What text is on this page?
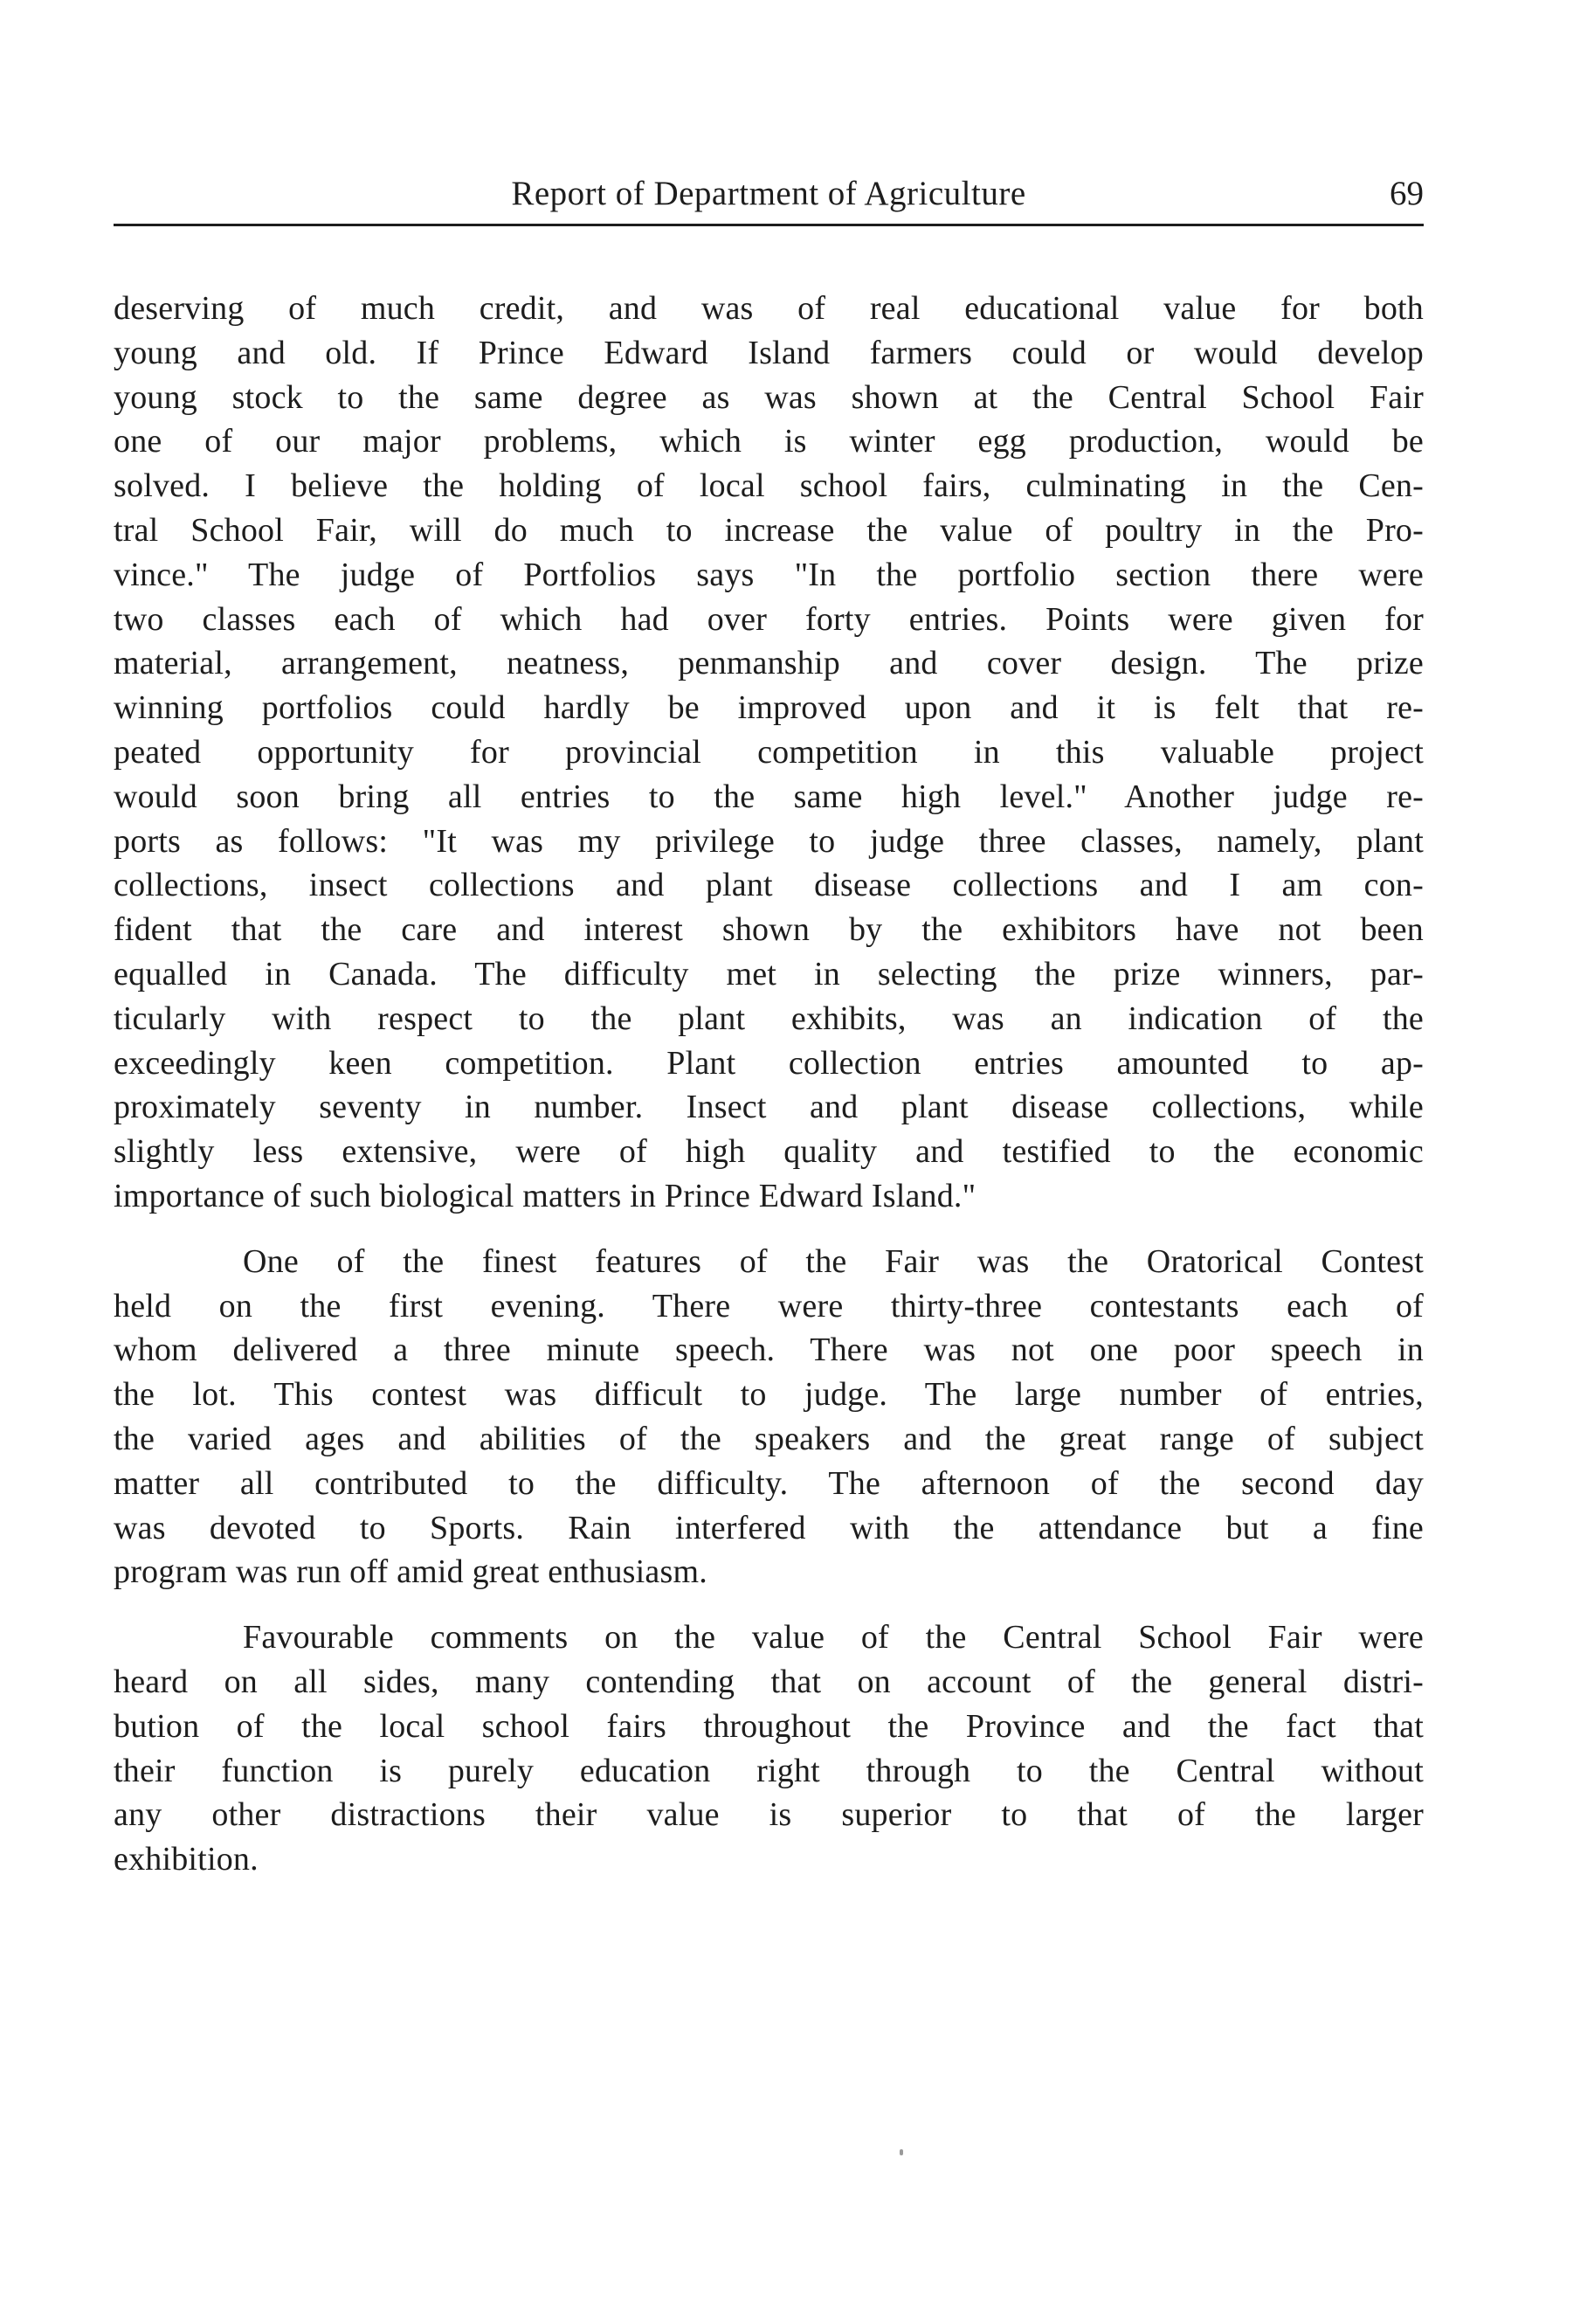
Report of Department of Agriculture	69
deserving of much credit, and was of real educational value for both
young and old. If Prince Edward Island farmers could or would develop
young stock to the same degree as was shown at the Central School Fair
one of our major problems, which is winter egg production, would be
solved. I believe the holding of local school fairs, culminating in the Cen-
tral School Fair, will do much to increase the value of poultry in the Pro-
vince." The judge of Portfolios says "In the portfolio section there were
two classes each of which had over forty entries. Points were given for
material, arrangement, neatness, penmanship and cover design. The prize
winning portfolios could hardly be improved upon and it is felt that re-
peated opportunity for provincial competition in this valuable project
would soon bring all entries to the same high level." Another judge re-
ports as follows: "It was my privilege to judge three classes, namely, plant
collections, insect collections and plant disease collections and I am con-
fident that the care and interest shown by the exhibitors have not been
equalled in Canada. The difficulty met in selecting the prize winners, par-
ticularly with respect to the plant exhibits, was an indication of the
exceedingly keen competition. Plant collection entries amounted to ap-
proximately seventy in number. Insect and plant disease collections, while
slightly less extensive, were of high quality and testified to the economic
importance of such biological matters in Prince Edward Island."
One of the finest features of the Fair was the Oratorical Contest
held on the first evening. There were thirty-three contestants each of
whom delivered a three minute speech. There was not one poor speech in
the lot. This contest was difficult to judge. The large number of entries,
the varied ages and abilities of the speakers and the great range of subject
matter all contributed to the difficulty. The afternoon of the second day
was devoted to Sports. Rain interfered with the attendance but a fine
program was run off amid great enthusiasm.
Favourable comments on the value of the Central School Fair were
heard on all sides, many contending that on account of the general distri-
bution of the local school fairs throughout the Province and the fact that
their function is purely education right through to the Central without
any other distractions their value is superior to that of the larger
exhibition.
